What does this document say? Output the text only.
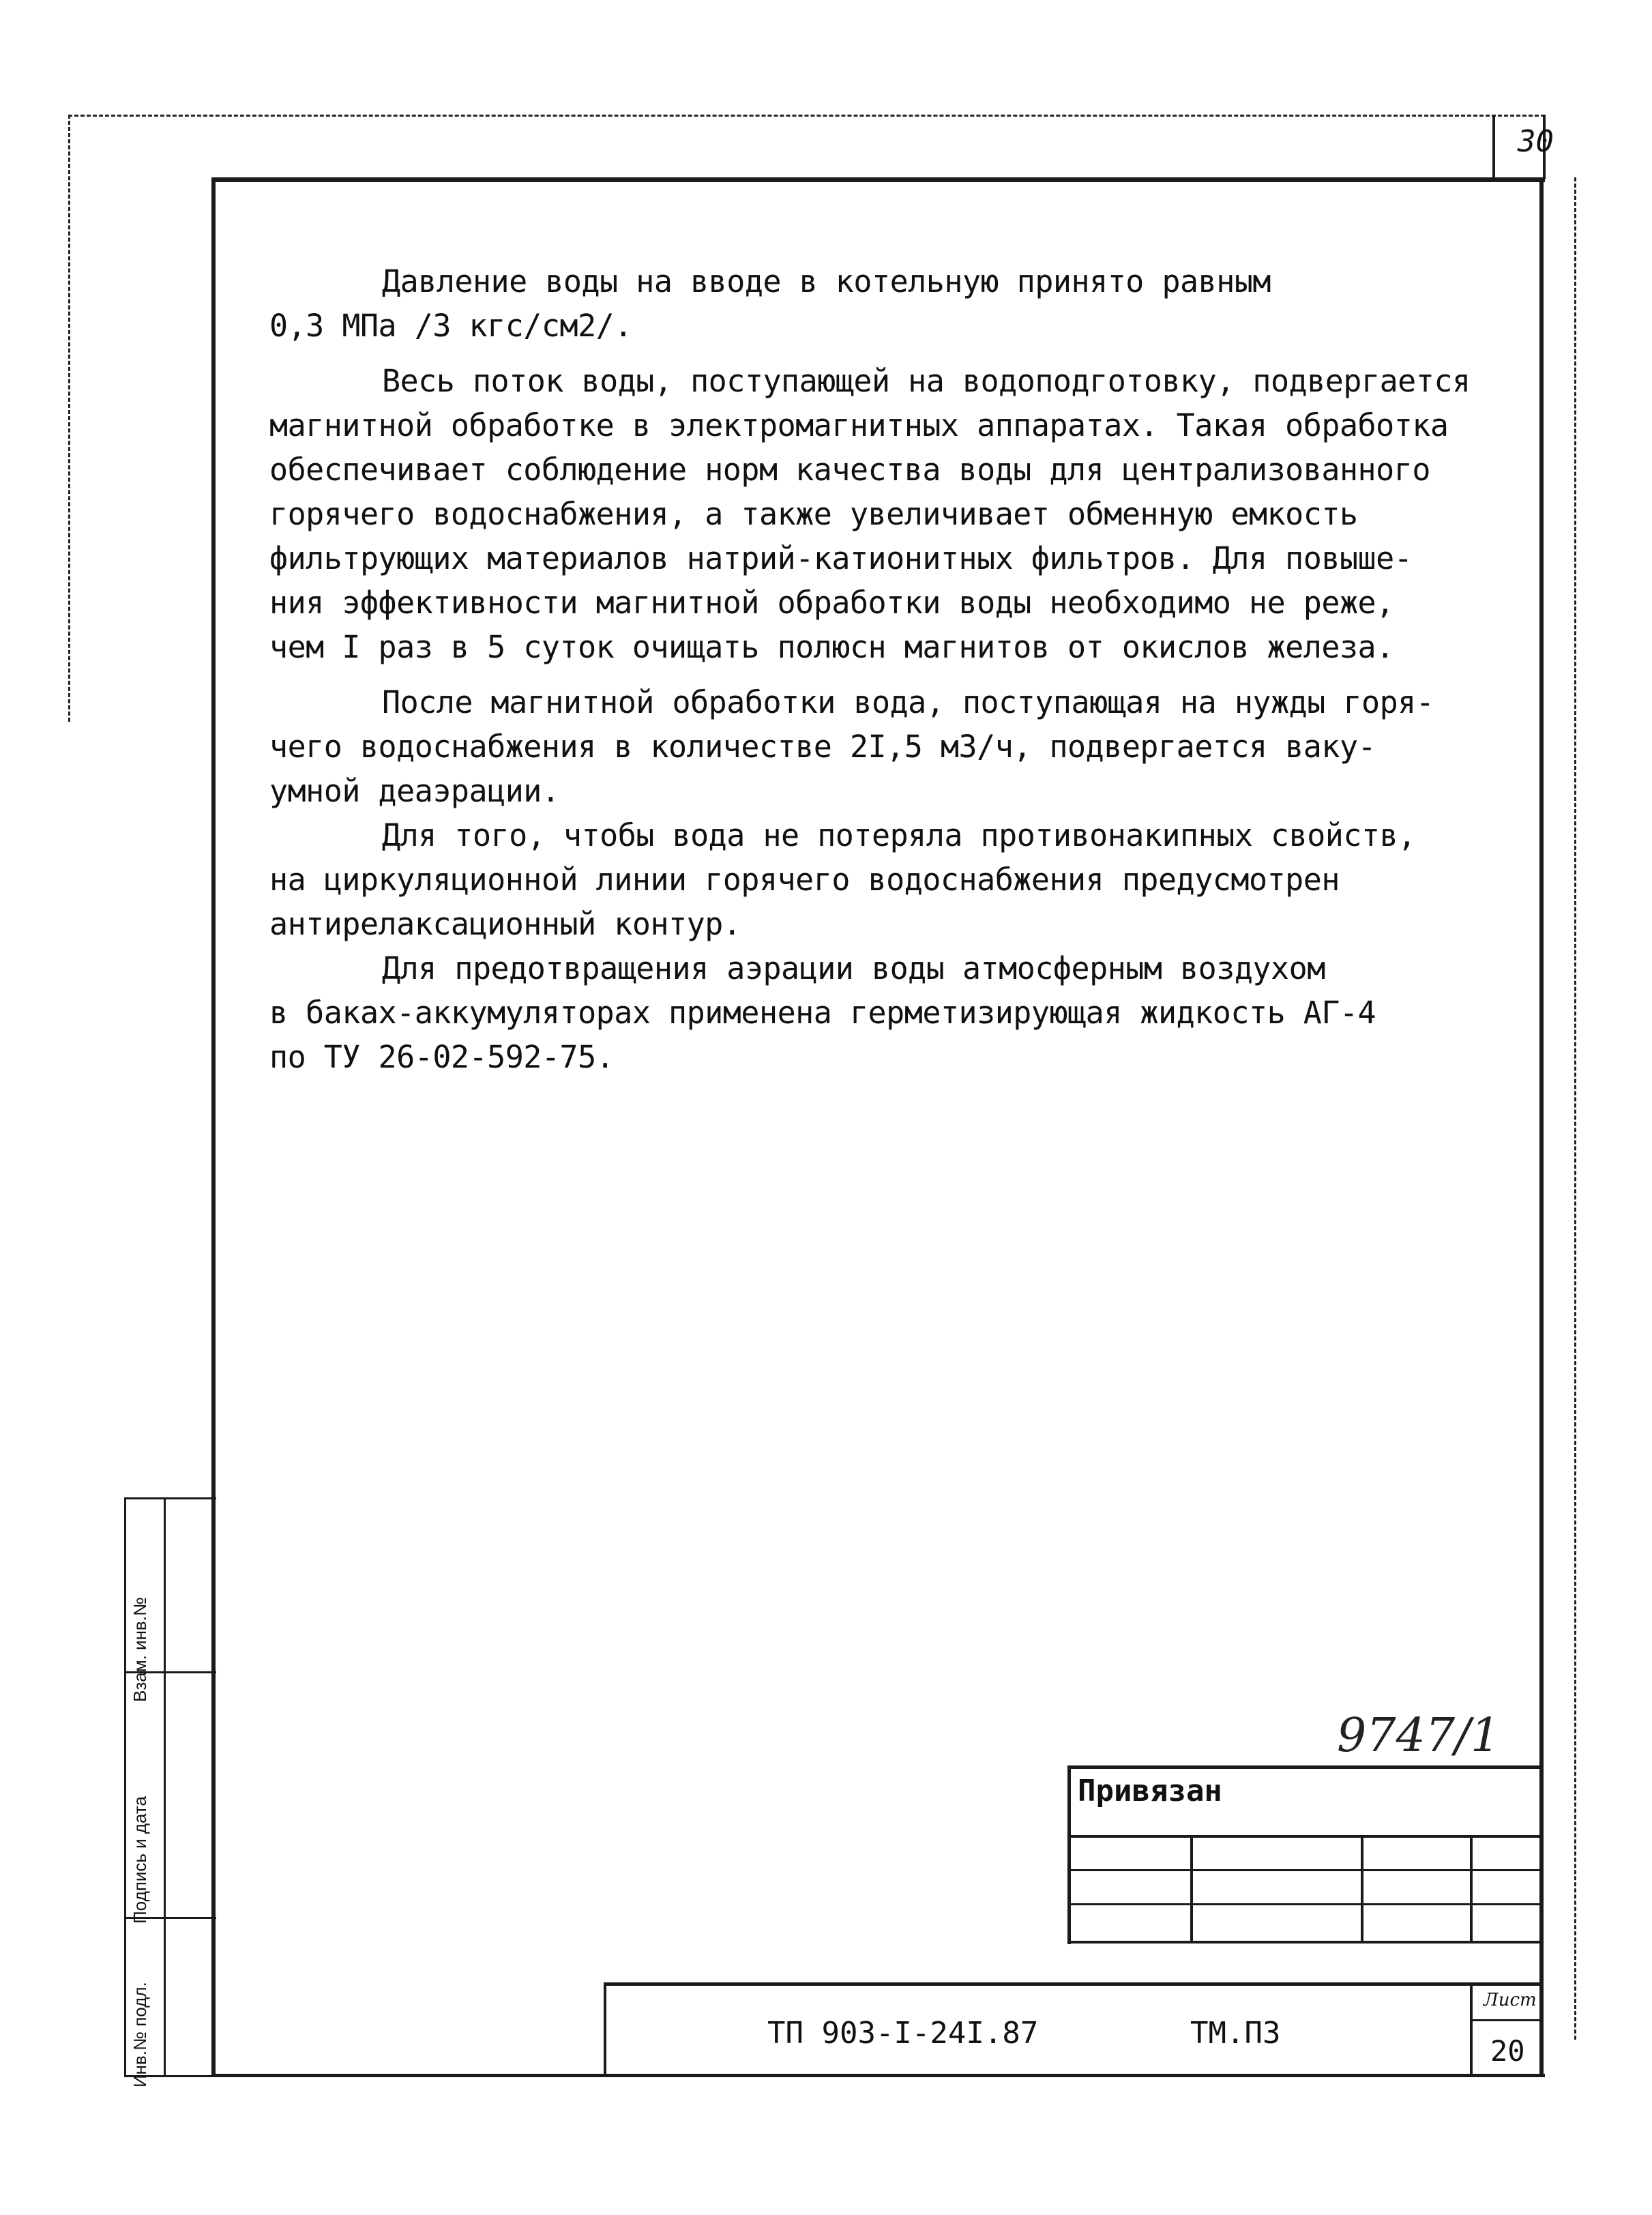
30

Давление воды на вводе в котельную принято равным
0,3 МПа /3 кгс/см2/.

Весь поток воды, поступающей на водоподготовку, подвергается
магнитной обработке в электромагнитных аппаратах. Такая обработка
обеспечивает соблюдение норм качества воды для централизованного
горячего водоснабжения, а также увеличивает обменную емкость
фильтрующих материалов натрий-катионитных фильтров. Для повыше-
ния эффективности магнитной обработки воды необходимо не реже,
чем I раз в 5 суток очищать полюсн магнитов от окислов железа.

После магнитной обработки вода, поступающая на нужды горя-
чего водоснабжения в количестве 2I,5 м3/ч, подвергается ваку-
умной деаэрации.

Для того, чтобы вода не потеряла противонакипных свойств,
на циркуляционной линии горячего водоснабжения предусмотрен
антирелаксационный контур.

Для предотвращения аэрации воды атмосферным воздухом
в баках-аккумуляторах применена герметизирующая жидкость АГ-4
по ТУ 26-02-592-75.

9747/1
Привязан
ТП 903-I-24I.87	ТМ.ПЗ
Лист
20
Инв.№ подл.
Подпись и дата
Взам. инв.№
